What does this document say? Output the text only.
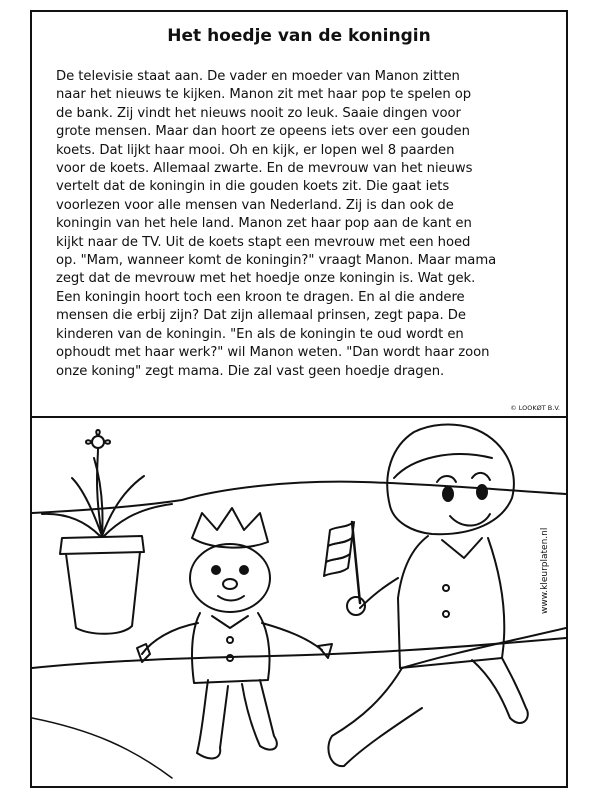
Het hoedje van de koningin

De televisie staat aan. De vader en moeder van Manon zitten
naar het nieuws te kijken. Manon zit met haar pop te spelen op
de bank. Zij vindt het nieuws nooit zo leuk. Saaie dingen voor
grote mensen. Maar dan hoort ze opeens iets over een gouden
koets. Dat lijkt haar mooi. Oh en kijk, er lopen wel 8 paarden
voor de koets. Allemaal zwarte. En de mevrouw van het nieuws
vertelt dat de koningin in die gouden koets zit. Die gaat iets
voorlezen voor alle mensen van Nederland. Zij is dan ook de
koningin van het hele land. Manon zet haar pop aan de kant en
kijkt naar de TV. Uit de koets stapt een mevrouw met een hoed
op. "Mam, wanneer komt de koningin?" vraagt Manon. Maar mama
zegt dat de mevrouw met het hoedje onze koningin is. Wat gek.
Een koningin hoort toch een kroon te dragen. En al die andere
mensen die erbij zijn? Dat zijn allemaal prinsen, zegt papa. De
kinderen van de koningin. "En als de koningin te oud wordt en
ophoudt met haar werk?" wil Manon weten. "Dan wordt haar zoon
onze koning" zegt mama. Die zal vast geen hoedje dragen.

© LOOKØT B.V.
www.kleurplaten.nl
